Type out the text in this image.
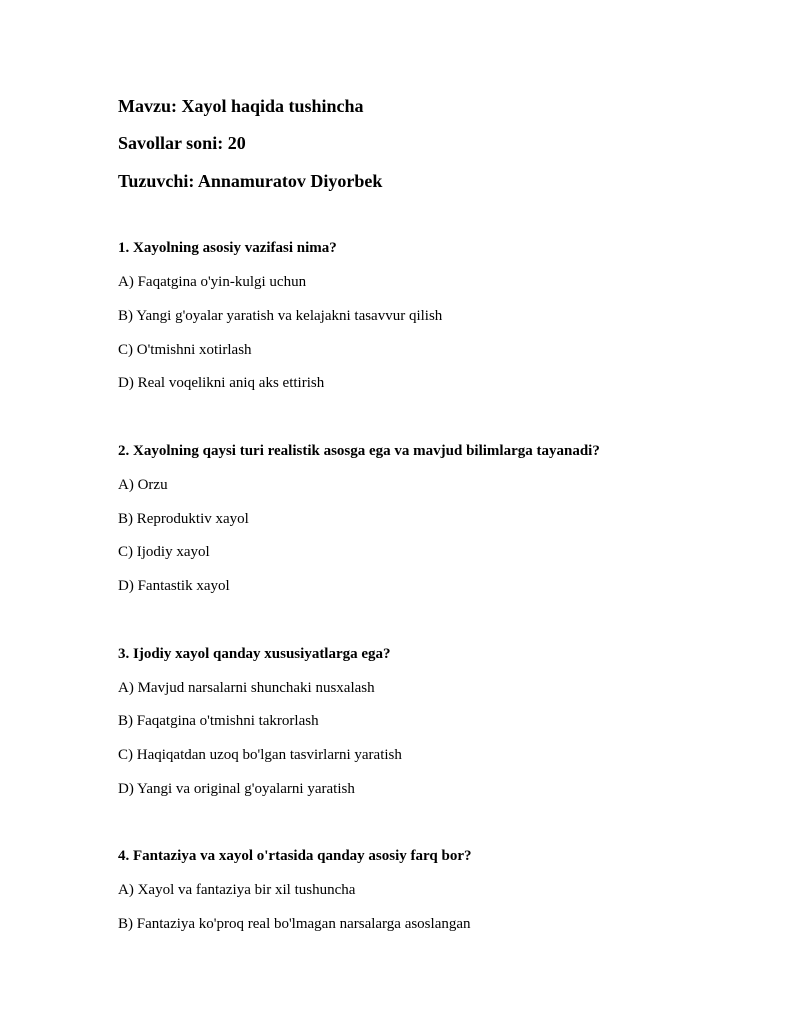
Mavzu: Xayol haqida tushincha
Savollar soni: 20
Tuzuvchi: Annamuratov Diyorbek
1. Xayolning asosiy vazifasi nima?
A) Faqatgina o'yin-kulgi uchun
B) Yangi g'oyalar yaratish va kelajakni tasavvur qilish
C) O'tmishni xotirlash
D) Real voqelikni aniq aks ettirish
2. Xayolning qaysi turi realistik asosga ega va mavjud bilimlarga tayanadi?
A) Orzu
B) Reproduktiv xayol
C) Ijodiy xayol
D) Fantastik xayol
3. Ijodiy xayol qanday xususiyatlarga ega?
A) Mavjud narsalarni shunchaki nusxalash
B) Faqatgina o'tmishni takrorlash
C) Haqiqatdan uzoq bo'lgan tasvirlarni yaratish
D) Yangi va original g'oyalarni yaratish
4. Fantaziya va xayol o'rtasida qanday asosiy farq bor?
A) Xayol va fantaziya bir xil tushuncha
B) Fantaziya ko'proq real bo'lmagan narsalarga asoslangan
